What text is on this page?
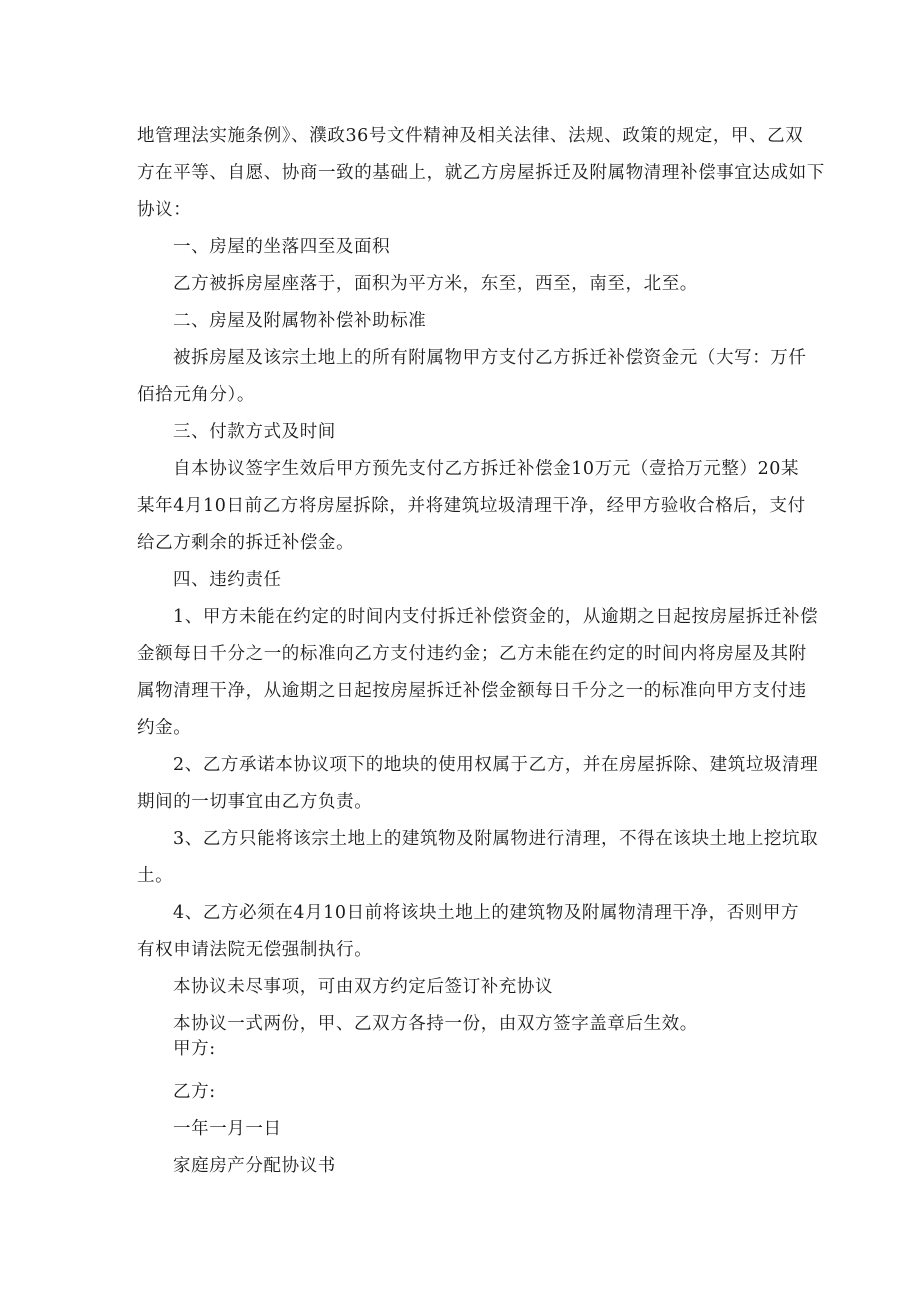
地管理法实施条例》、濮政36号文件精神及相关法律、法规、政策的规定，甲、乙双
方在平等、自愿、协商一致的基础上，就乙方房屋拆迁及附属物清理补偿事宜达成如下
协议：
一、房屋的坐落四至及面积
乙方被拆房屋座落于，面积为平方米，东至，西至，南至，北至。
二、房屋及附属物补偿补助标准
被拆房屋及该宗土地上的所有附属物甲方支付乙方拆迁补偿资金元（大写：万仟
佰拾元角分）。
三、付款方式及时间
自本协议签字生效后甲方预先支付乙方拆迁补偿金10万元（壹拾万元整）20某
某年4月10日前乙方将房屋拆除，并将建筑垃圾清理干净，经甲方验收合格后，支付
给乙方剩余的拆迁补偿金。
四、违约责任
1、甲方未能在约定的时间内支付拆迁补偿资金的，从逾期之日起按房屋拆迁补偿
金额每日千分之一的标准向乙方支付违约金；乙方未能在约定的时间内将房屋及其附
属物清理干净，从逾期之日起按房屋拆迁补偿金额每日千分之一的标准向甲方支付违
约金。
2、乙方承诺本协议项下的地块的使用权属于乙方，并在房屋拆除、建筑垃圾清理
期间的一切事宜由乙方负责。
3、乙方只能将该宗土地上的建筑物及附属物进行清理，不得在该块土地上挖坑取
土。
4、乙方必须在4月10日前将该块土地上的建筑物及附属物清理干净，否则甲方
有权申请法院无偿强制执行。
本协议未尽事项，可由双方约定后签订补充协议
本协议一式两份，甲、乙双方各持一份，由双方签字盖章后生效。
甲方:
乙方:
一年一月一日
家庭房产分配协议书
